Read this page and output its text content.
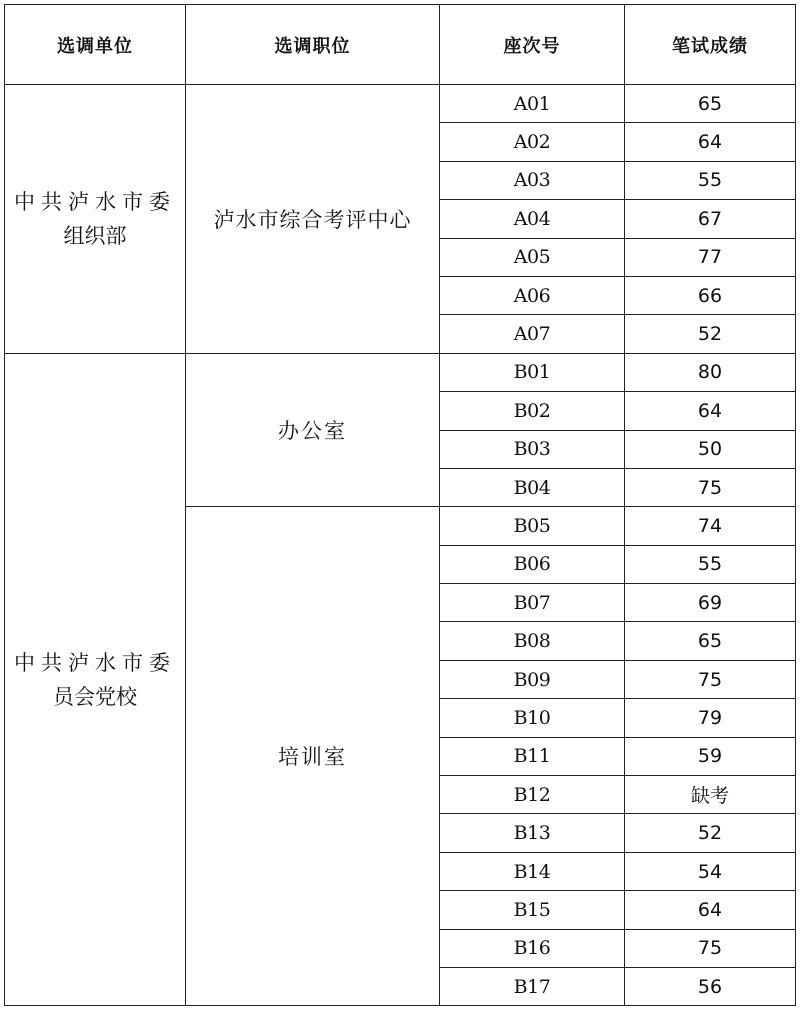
选调单位	选调职位	座次号	笔试成绩

中共泸水市委
组织部	泸水市综合考评中心	A01	65
		A02	64
		A03	55
		A04	67
		A05	77
		A06	66
		A07	52

中共泸水市委
员会党校	办公室	B01	80
		B02	64
		B03	50
		B04	75
	培训室	B05	74
		B06	55
		B07	69
		B08	65
		B09	75
		B10	79
		B11	59
		B12	缺考
		B13	52
		B14	54
		B15	64
		B16	75
		B17	56
